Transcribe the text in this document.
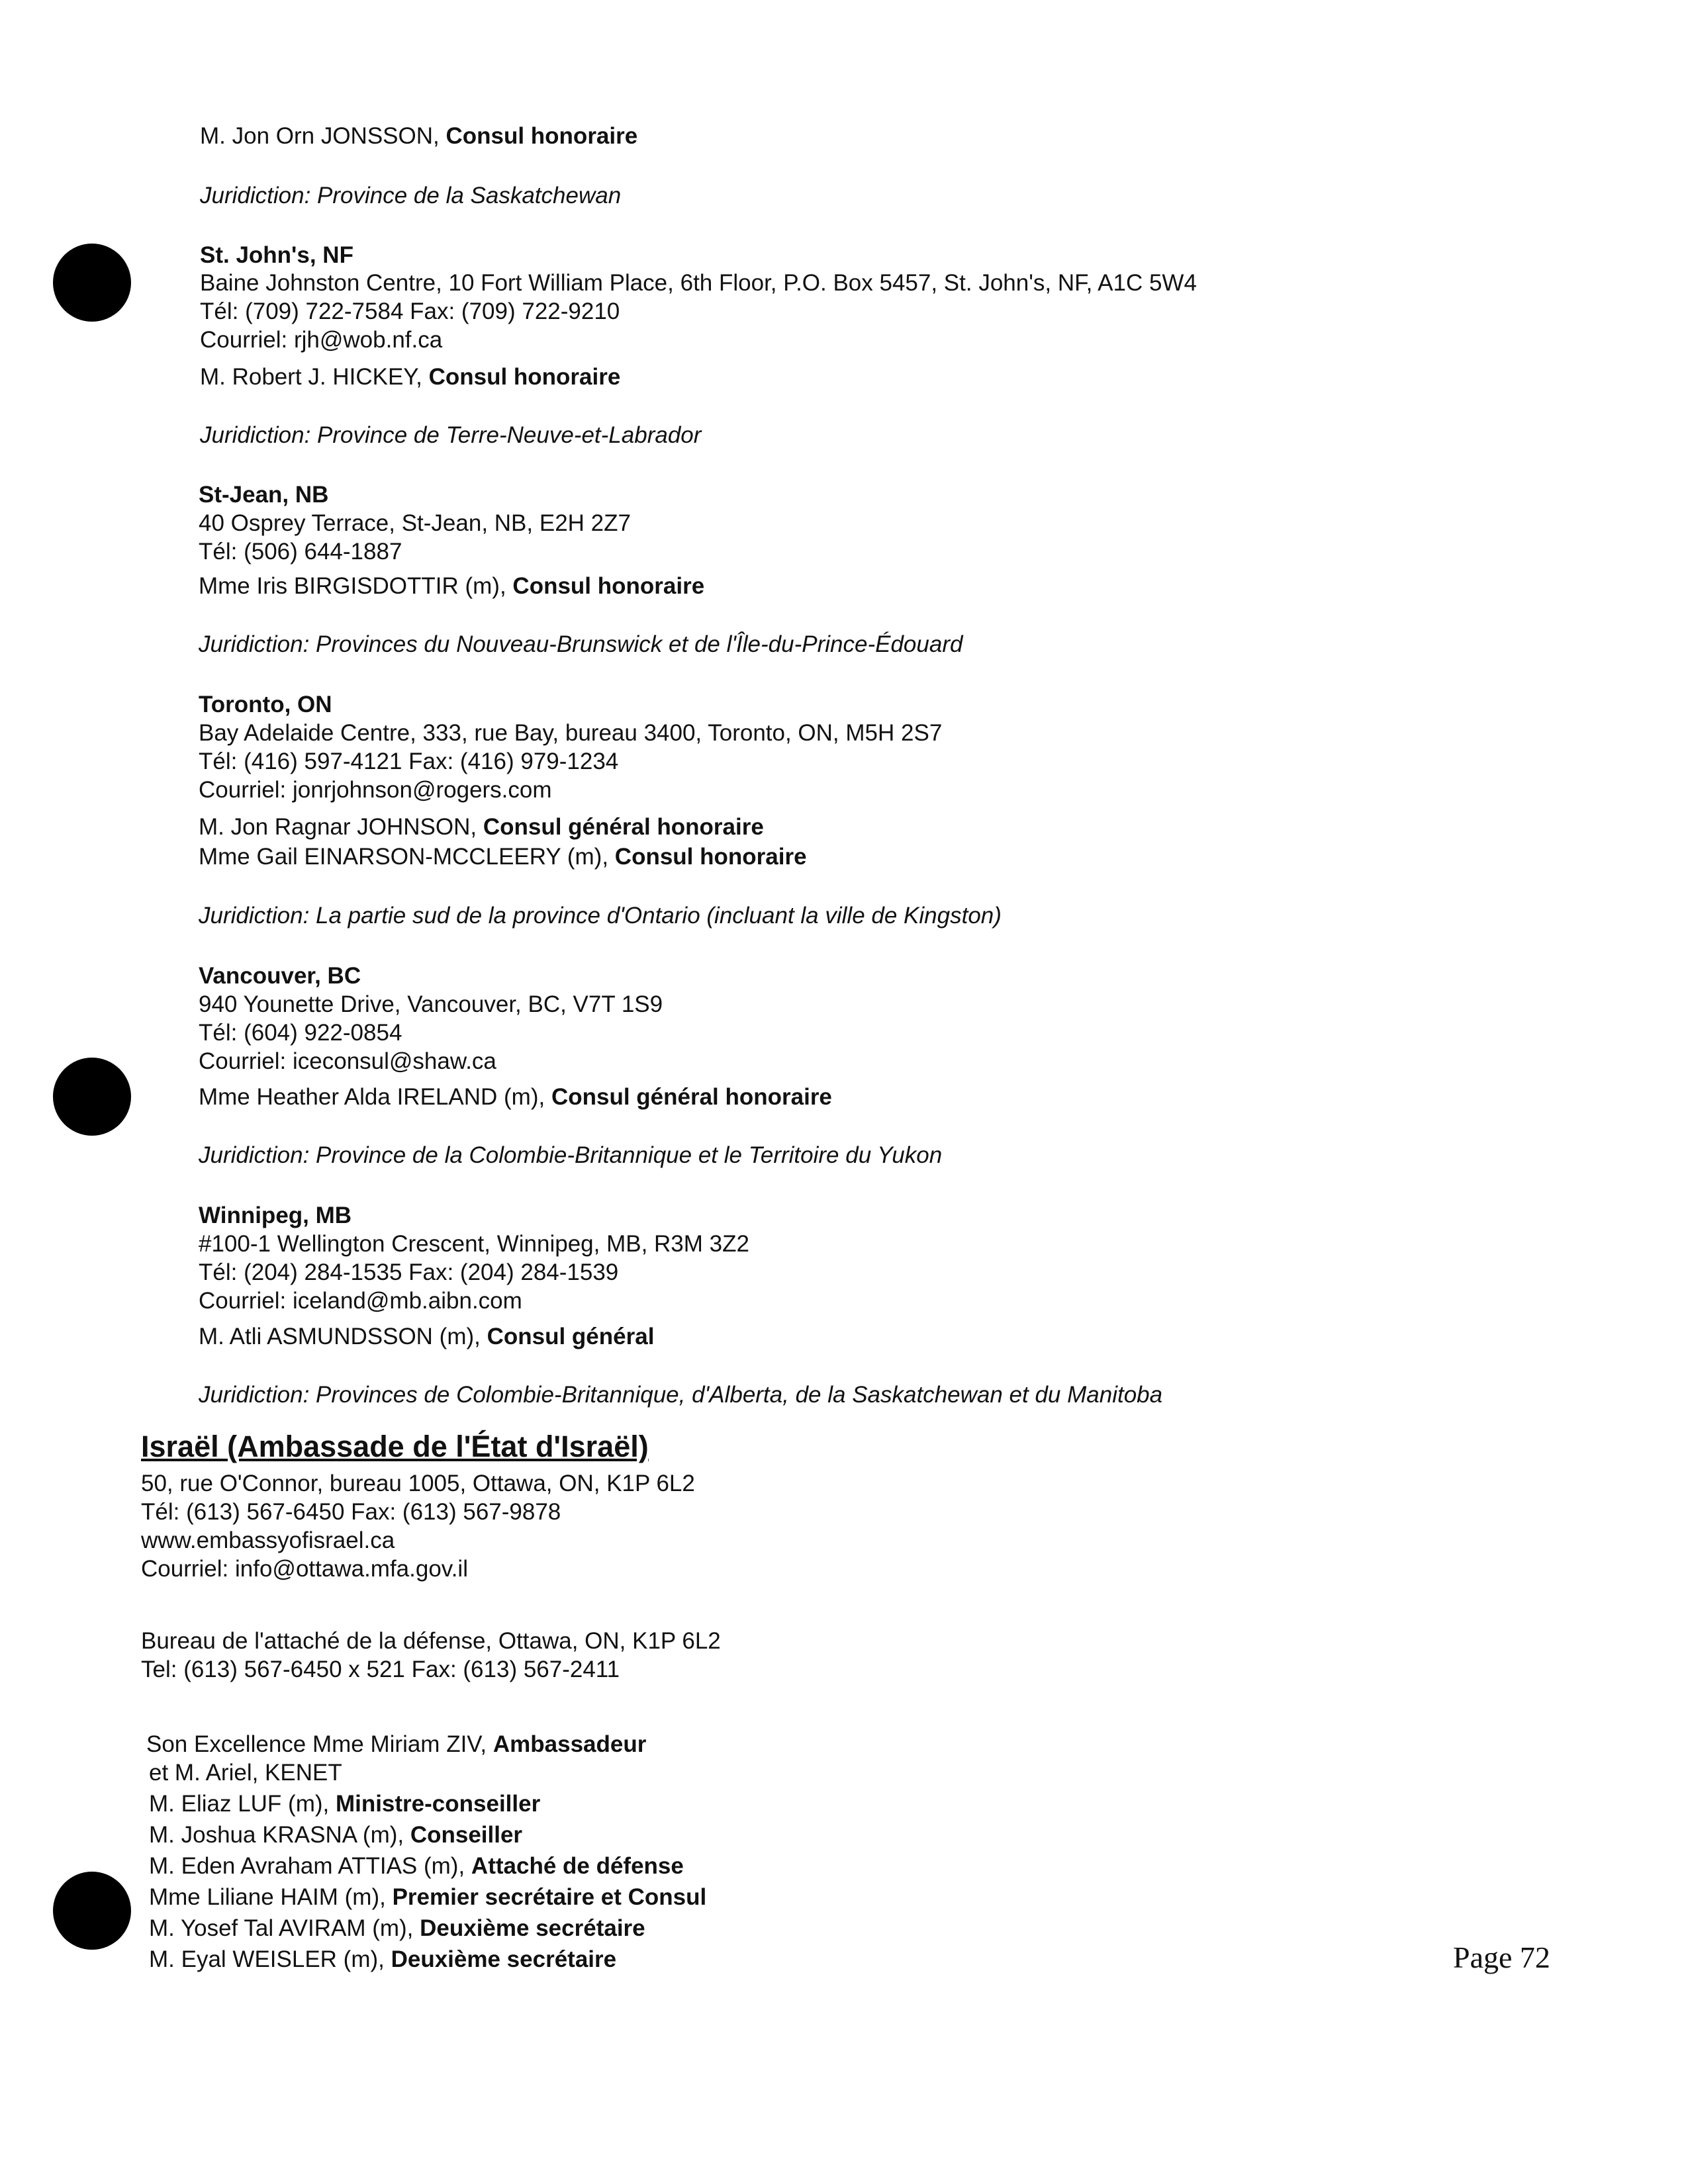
M. Jon Orn JONSSON, Consul honoraire
Juridiction: Province de la Saskatchewan
St. John's, NF
Baine Johnston Centre, 10 Fort William Place, 6th Floor, P.O. Box 5457, St. John's, NF, A1C 5W4
Tél: (709) 722-7584 Fax: (709) 722-9210
Courriel: rjh@wob.nf.ca
M. Robert J. HICKEY, Consul honoraire
Juridiction: Province de Terre-Neuve-et-Labrador
St-Jean, NB
40 Osprey Terrace, St-Jean, NB, E2H 2Z7
Tél: (506) 644-1887
Mme Iris BIRGISDOTTIR (m), Consul honoraire
Juridiction: Provinces du Nouveau-Brunswick et de l'Île-du-Prince-Édouard
Toronto, ON
Bay Adelaide Centre, 333, rue Bay, bureau 3400, Toronto, ON, M5H 2S7
Tél: (416) 597-4121 Fax: (416) 979-1234
Courriel: jonrjohnson@rogers.com
M. Jon Ragnar JOHNSON, Consul général honoraire
Mme Gail EINARSON-MCCLEERY (m), Consul honoraire
Juridiction: La partie sud de la province d'Ontario (incluant la ville de Kingston)
Vancouver, BC
940 Younette Drive, Vancouver, BC, V7T 1S9
Tél: (604) 922-0854
Courriel: iceconsul@shaw.ca
Mme Heather Alda IRELAND (m), Consul général honoraire
Juridiction: Province de la Colombie-Britannique et le Territoire du Yukon
Winnipeg, MB
#100-1 Wellington Crescent, Winnipeg, MB, R3M 3Z2
Tél: (204) 284-1535 Fax: (204) 284-1539
Courriel: iceland@mb.aibn.com
M. Atli ASMUNDSSON (m), Consul général
Juridiction: Provinces de Colombie-Britannique, d'Alberta, de la Saskatchewan et du Manitoba
Israël (Ambassade de l'État d'Israël)
50, rue O'Connor, bureau 1005, Ottawa, ON, K1P 6L2
Tél: (613) 567-6450 Fax: (613) 567-9878
www.embassyofisrael.ca
Courriel: info@ottawa.mfa.gov.il
Bureau de l'attaché de la défense, Ottawa, ON, K1P 6L2
Tel: (613) 567-6450 x 521 Fax: (613) 567-2411
Son Excellence Mme Miriam ZIV, Ambassadeur
et M. Ariel, KENET
M. Eliaz LUF (m), Ministre-conseiller
M. Joshua KRASNA (m), Conseiller
M. Eden Avraham ATTIAS (m), Attaché de défense
Mme Liliane HAIM (m), Premier secrétaire et Consul
M. Yosef Tal AVIRAM (m), Deuxième secrétaire
M. Eyal WEISLER (m), Deuxième secrétaire	Page 72
